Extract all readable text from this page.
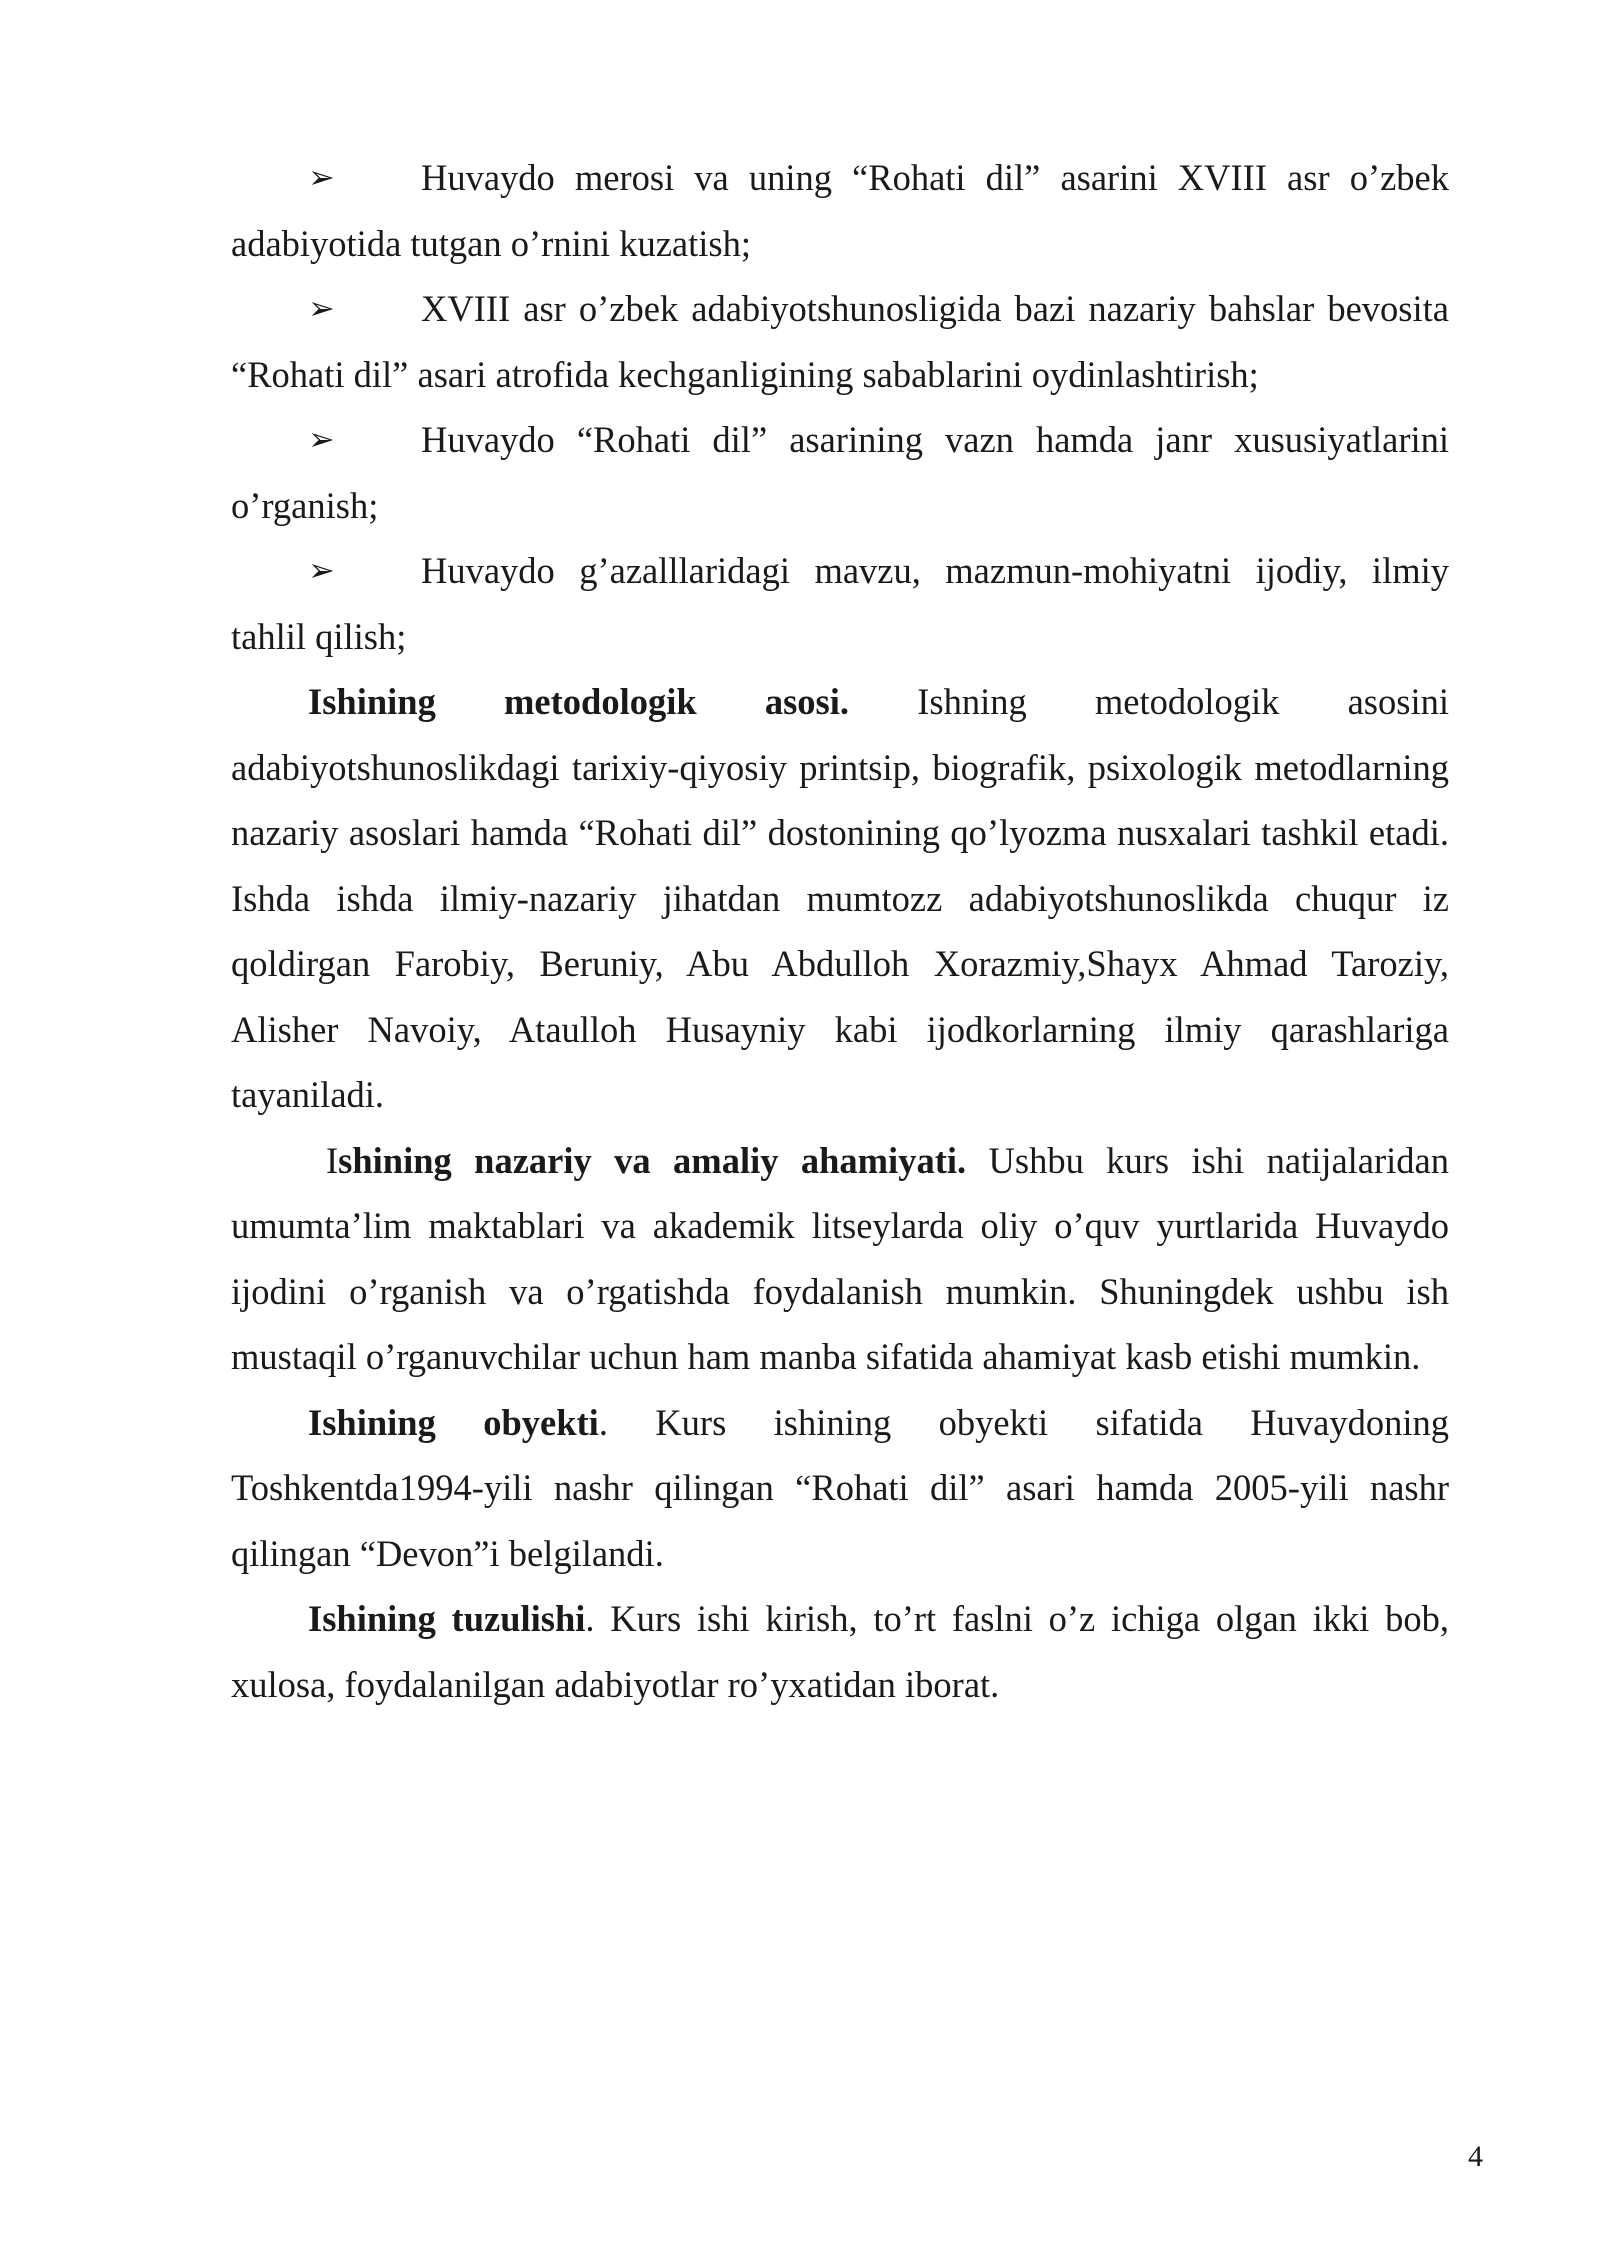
➢ Huvaydo merosi va uning “Rohati dil” asarini XVIII asr o’zbek adabiyotida tutgan o’rnini kuzatish;

➢ XVIII asr o’zbek adabiyotshunosligida bazi nazariy bahslar bevosita “Rohati dil” asari atrofida kechganligining sabablarini oydinlashtirish;

➢ Huvaydo “Rohati dil” asarining vazn hamda janr xususiyatlarini o’rganish;

➢ Huvaydo g’azalllaridagi mavzu, mazmun-mohiyatni ijodiy, ilmiy tahlil qilish;

Ishining metodologik asosi. Ishning metodologik asosini adabiyotshunoslikdagi tarixiy-qiyosiy printsip, biografik, psixologik metodlarning nazariy asoslari hamda “Rohati dil” dostonining qo’lyozma nusxalari tashkil etadi. Ishda ishda ilmiy-nazariy jihatdan mumtozz adabiyotshunoslikda chuqur iz qoldirgan Farobiy, Beruniy, Abu Abdulloh Xorazmiy,Shayx Ahmad Taroziy, Alisher Navoiy, Ataulloh Husayniy kabi ijodkorlarning ilmiy qarashlariga tayaniladi.

Ishining nazariy va amaliy ahamiyati. Ushbu kurs ishi natijalaridan umumta’lim maktablari va akademik litseylarda oliy o’quv yurtlarida Huvaydo ijodini o’rganish va o’rgatishda foydalanish mumkin. Shuningdek ushbu ish mustaqil o’rganuvchilar uchun ham manba sifatida ahamiyat kasb etishi mumkin.

Ishining obyekti. Kurs ishining obyekti sifatida Huvaydoning Toshkentda1994-yili nashr qilingan “Rohati dil” asari hamda 2005-yili nashr qilingan “Devon”i belgilandi.

Ishining tuzulishi. Kurs ishi kirish, to’rt faslni o’z ichiga olgan ikki bob, xulosa, foydalanilgan adabiyotlar ro’yxatidan iborat.

4
